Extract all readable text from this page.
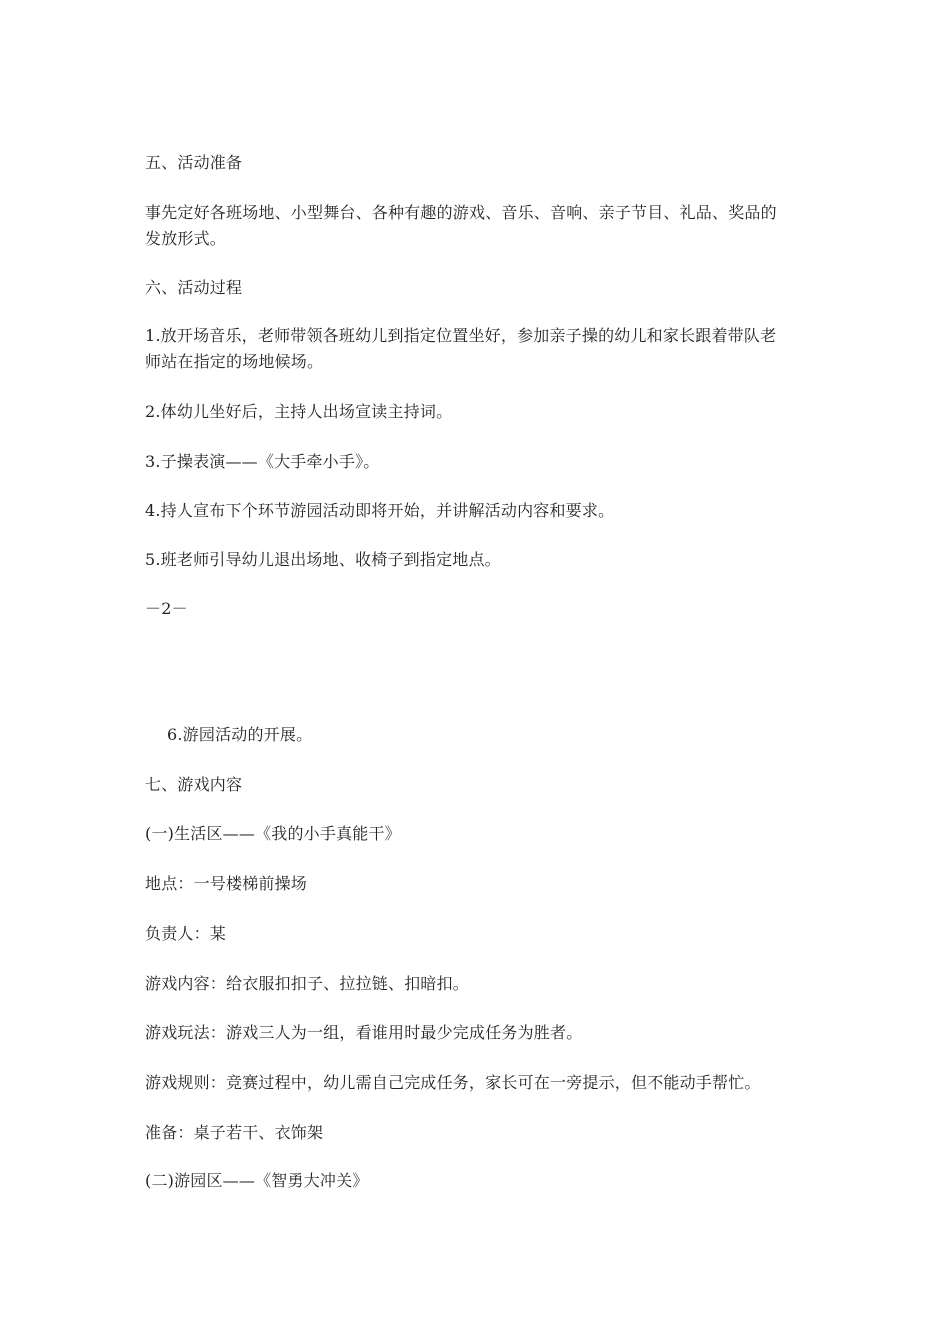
五、活动准备
事先定好各班场地、小型舞台、各种有趣的游戏、音乐、音响、亲子节目、礼品、奖品的
发放形式。
六、活动过程
1.放开场音乐，老师带领各班幼儿到指定位置坐好，参加亲子操的幼儿和家长跟着带队老
师站在指定的场地候场。
2.体幼儿坐好后，主持人出场宣读主持词。
3.子操表演——《大手牵小手》。
4.持人宣布下个环节游园活动即将开始，并讲解活动内容和要求。
5.班老师引导幼儿退出场地、收椅子到指定地点。
－2－
6.游园活动的开展。
七、游戏内容
(一)生活区——《我的小手真能干》
地点：一号楼梯前操场
负责人：某
游戏内容：给衣服扣扣子、拉拉链、扣暗扣。
游戏玩法：游戏三人为一组，看谁用时最少完成任务为胜者。
游戏规则：竞赛过程中，幼儿需自己完成任务，家长可在一旁提示，但不能动手帮忙。
准备：桌子若干、衣饰架
(二)游园区——《智勇大冲关》
